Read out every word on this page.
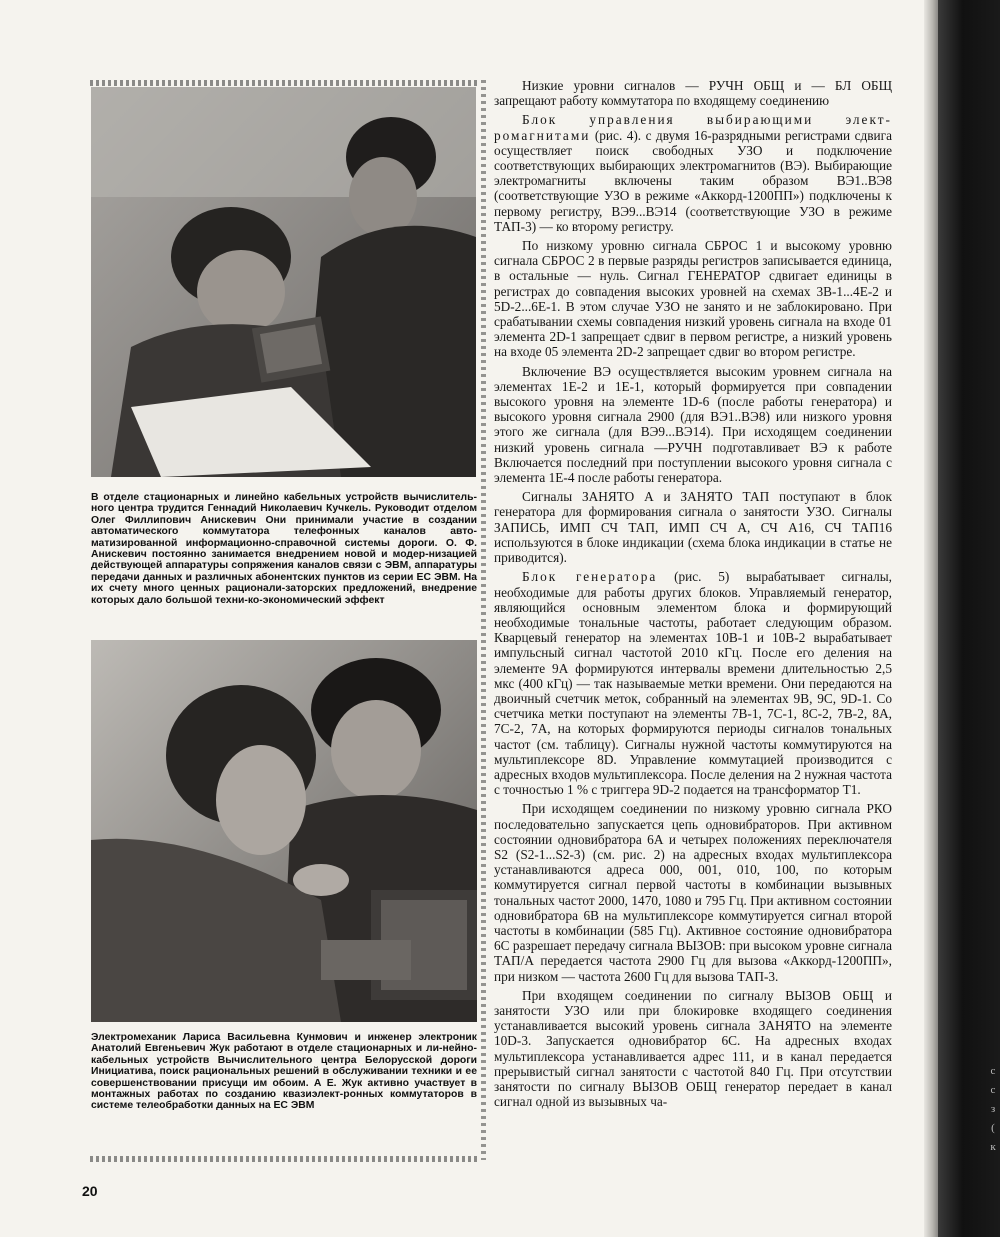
В отделе стационарных и линейно кабельных устройств вычислитель-ного центра трудится Геннадий Николаевич Кучкель. Руководит отделом Олег Филлипович Анискевич Они принимали участие в создании автоматического коммутатора телефонных каналов авто-матизированной информационно-справочной системы дороги. О. Ф. Анискевич постоянно занимается внедрением новой и модер-низацией действующей аппаратуры сопряжения каналов связи с ЭВМ, аппаратуры передачи данных и различных абонентских пунктов из серии ЕС ЭВМ. На их счету много ценных рационали-заторских предложений, внедрение которых дало большой техни-ко-экономический эффект
Электромеханик Лариса Васильевна Кунмович и инженер электроник Анатолий Евгеньевич Жук работают в отделе стационарных и ли-нейно-кабельных устройств Вычислительного центра Белорусской дороги Инициатива, поиск рациональных решений в обслуживании техники и ее совершенствовании присущи им обоим. А Е. Жук активно участвует в монтажных работах по созданию квазиэлект-ронных коммутаторов в системе телеобработки данных на ЕС ЭВМ
20

Низкие уровни сигналов — РУЧН ОБЩ и — БЛ ОБЩ запрещают работу коммутатора по входящему соединению

Блок управления выбирающими элект-ромагнитами (рис. 4). с двумя 16-разрядными регистрами сдвига осуществляет поиск свободных УЗО и подключение соответствующих выбирающих электромагнитов (ВЭ). Выбирающие электромагниты включены таким образом ВЭ1..ВЭ8 (соответствующие УЗО в режиме «Аккорд-1200ПП») подключены к первому регистру, ВЭ9...ВЭ14 (соответствующие УЗО в режиме ТАП-3) — ко второму регистру.

По низкому уровню сигнала СБРОС 1 и высокому уровню сигнала СБРОС 2 в первые разряды регистров записывается единица, в остальные — нуль. Сигнал ГЕНЕРАТОР сдвигает единицы в регистрах до совпадения высоких уровней на схемах 3В-1...4Е-2 и 5D-2...6Е-1. В этом случае УЗО не занято и не заблокировано. При срабатывании схемы совпадения низкий уровень сигнала на входе 01 элемента 2D-1 запрещает сдвиг в первом регистре, а низкий уровень на входе 05 элемента 2D-2 запрещает сдвиг во втором регистре.

Включение ВЭ осуществляется высоким уровнем сигнала на элементах 1Е-2 и 1Е-1, который формируется при совпадении высокого уровня на элементе 1D-6 (после работы генератора) и высокого уровня сигнала 2900 (для ВЭ1..ВЭ8) или низкого уровня этого же сигнала (для ВЭ9...ВЭ14). При исходящем соединении низкий уровень сигнала —РУЧН подготавливает ВЭ к работе Включается последний при поступлении высокого уровня сигнала с элемента 1Е-4 после работы генератора.

Сигналы ЗАНЯТО А и ЗАНЯТО ТАП поступают в блок генератора для формирования сигнала о занятости УЗО. Сигналы ЗАПИСЬ, ИМП СЧ ТАП, ИМП СЧ А, СЧ А16, СЧ ТАП16 используются в блоке индикации (схема блока индикации в статье не приводится).

Блок генератора (рис. 5) вырабатывает сигналы, необходимые для работы других блоков. Управляемый генератор, являющийся основным элементом блока и формирующий необходимые тональные частоты, работает следующим образом. Кварцевый генератор на элементах 10В-1 и 10В-2 вырабатывает импульсный сигнал частотой 2010 кГц. После его деления на элементе 9А формируются интервалы времени длительностью 2,5 мкс (400 кГц) — так называемые метки времени. Они передаются на двоичный счетчик меток, собранный на элементах 9В, 9С, 9D-1. Со счетчика метки поступают на элементы 7В-1, 7С-1, 8С-2, 7В-2, 8А, 7С-2, 7А, на которых формируются периоды сигналов тональных частот (см. таблицу). Сигналы нужной частоты коммутируются на мультиплексоре 8D. Управление коммутацией производится с адресных входов мультиплексора. После деления на 2 нужная частота с точностью 1 % с триггера 9D-2 подается на трансформатор Т1.

При исходящем соединении по низкому уровню сигнала РКО последовательно запускается цепь одновибраторов. При активном состоянии одновибратора 6А и четырех положениях переключателя S2 (S2-1...S2-3) (см. рис. 2) на адресных входах мультиплексора устанавливаются адреса 000, 001, 010, 100, по которым коммутируется сигнал первой частоты в комбинации вызывных тональных частот 2000, 1470, 1080 и 795 Гц. При активном состоянии одновибратора 6В на мультиплексоре коммутируется сигнал второй частоты в комбинации (585 Гц). Активное состояние одновибратора 6С разрешает передачу сигнала ВЫЗОВ: при высоком уровне сигнала ТАП/А передается частота 2900 Гц для вызова «Аккорд-1200ПП», при низком — частота 2600 Гц для вызова ТАП-3.

При входящем соединении по сигналу ВЫЗОВ ОБЩ и занятости УЗО или при блокировке входящего соединения устанавливается высокий уровень сигнала ЗАНЯТО на элементе 10D-3. Запускается одновибратор 6С. На адресных входах мультиплексора устанавливается адрес 111, и в канал передается прерывистый сигнал занятости с частотой 840 Гц. При отсутствии занятости по сигналу ВЫЗОВ ОБЩ генератор передает в канал сигнал одной из вызывных ча-

с
с
з
(
к
